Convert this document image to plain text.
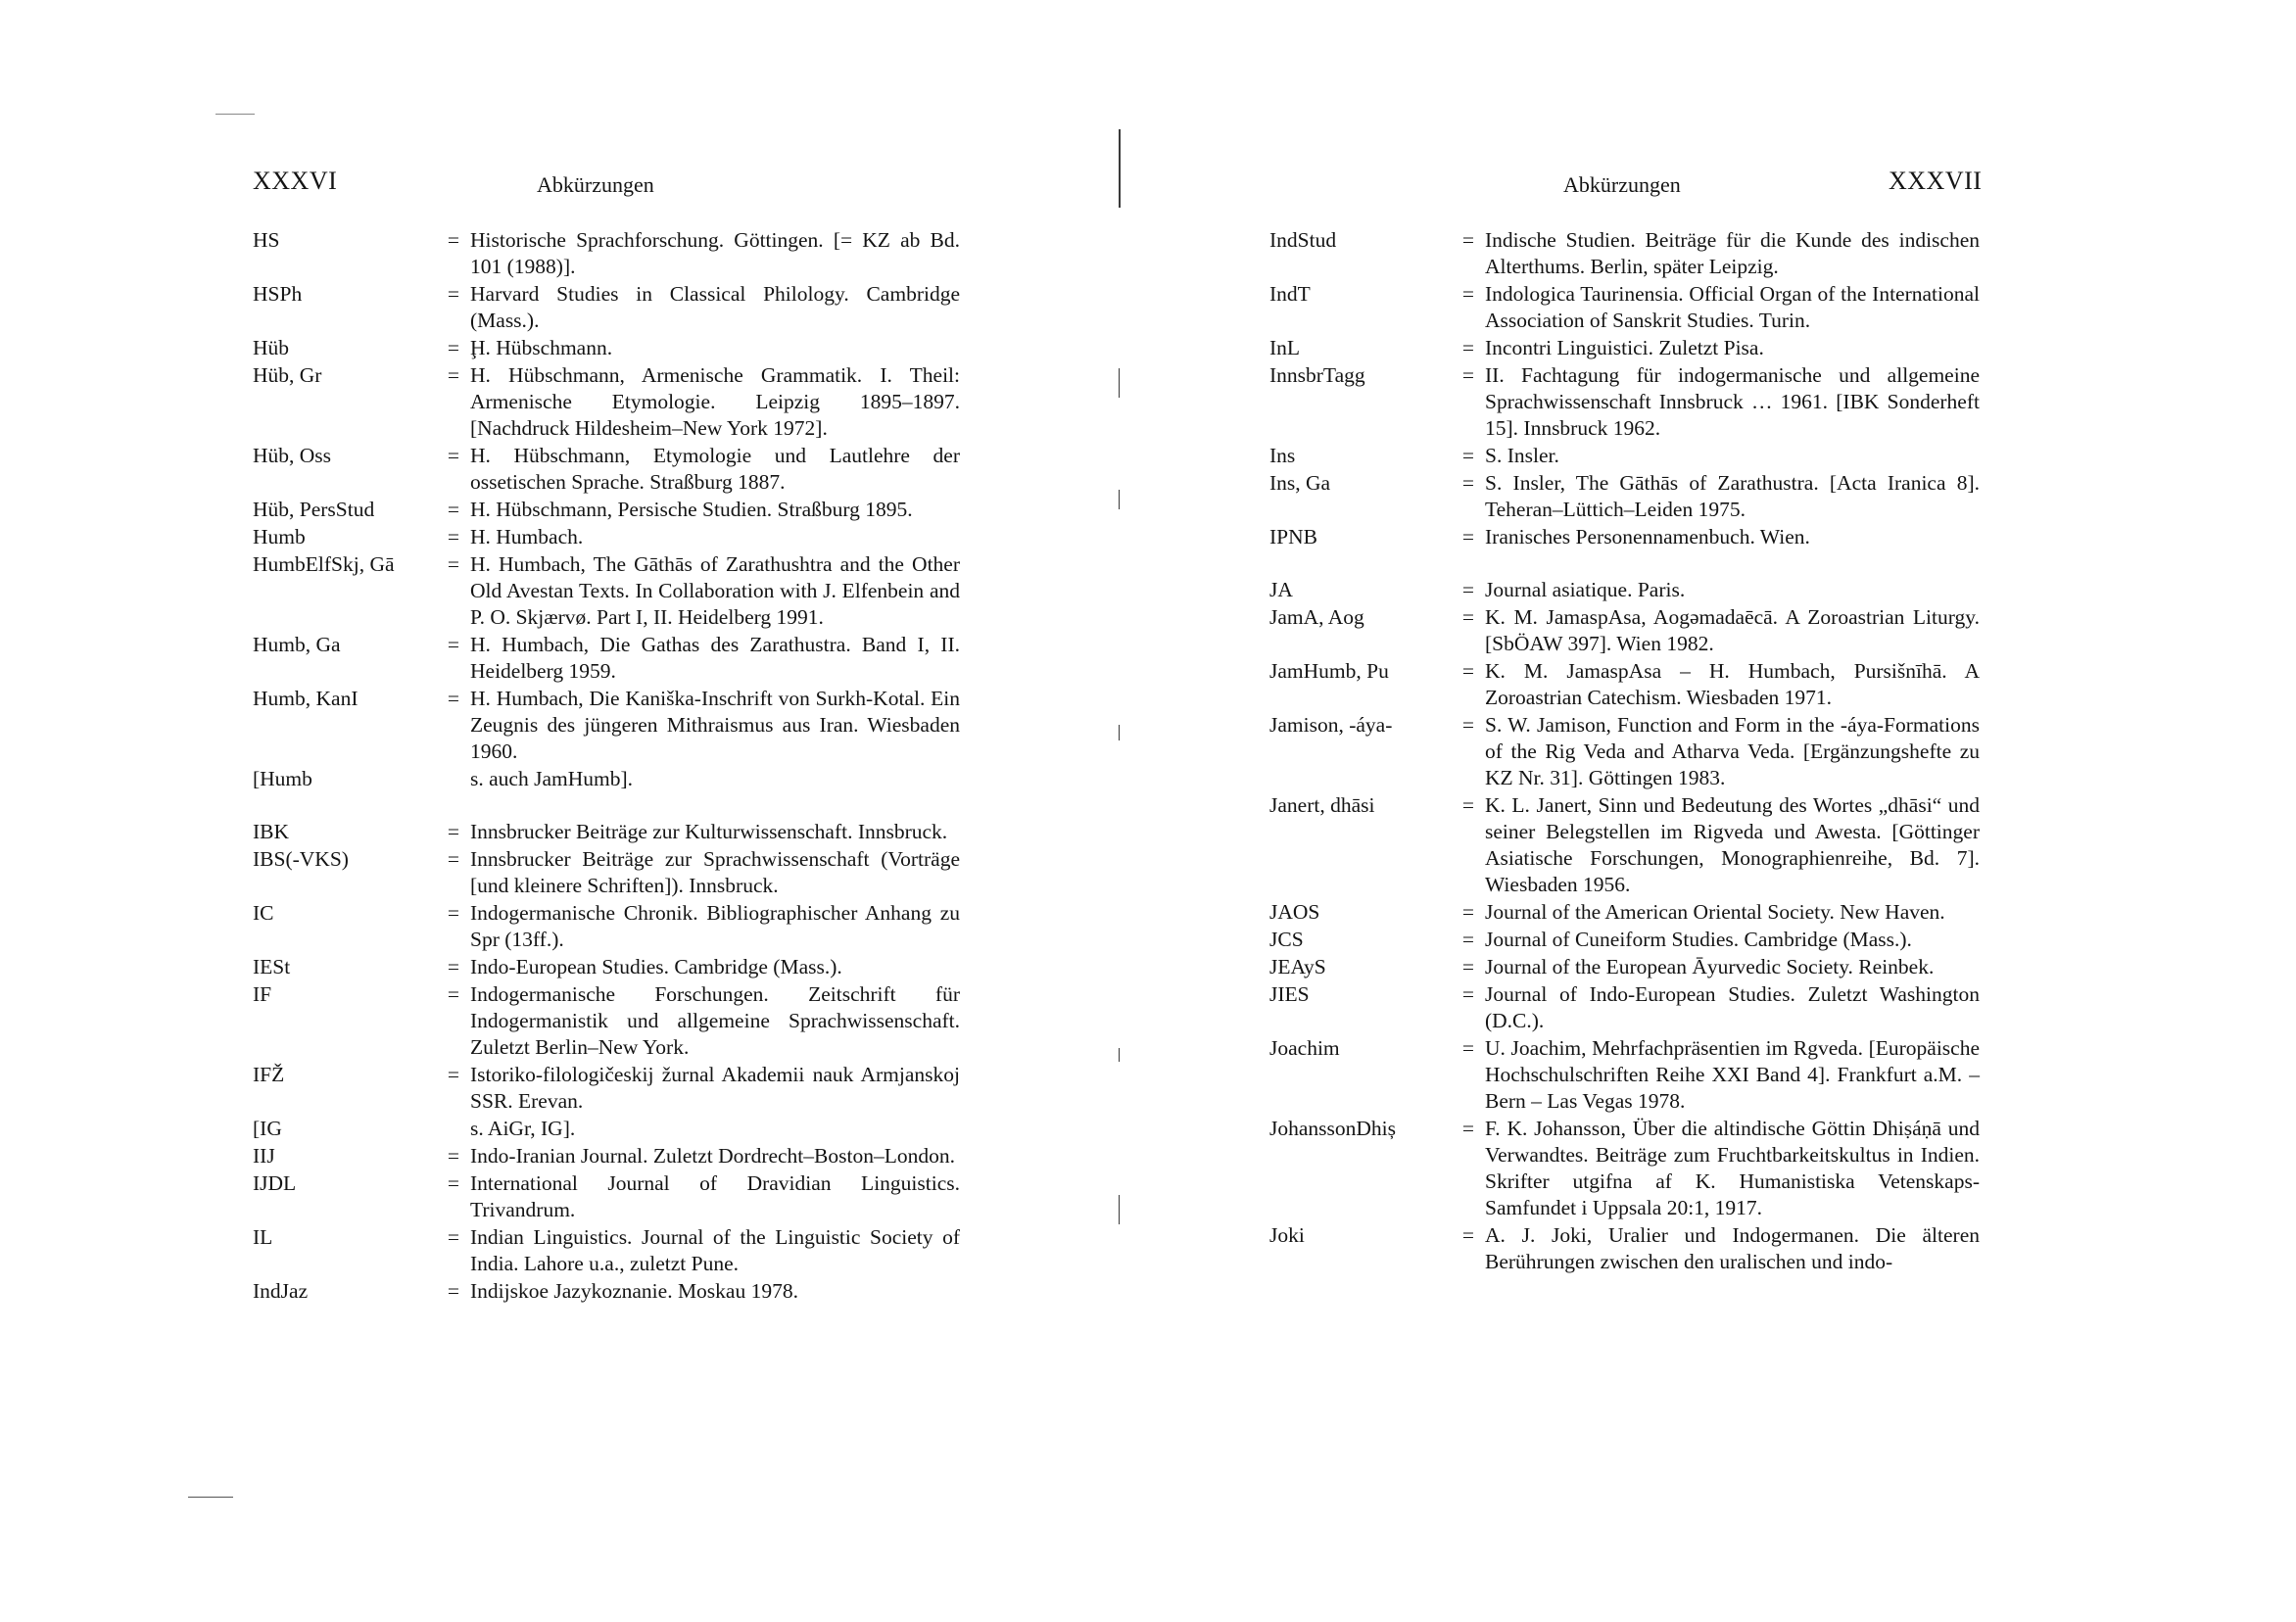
XXXVI	Abkürzungen
HS	= Historische Sprachforschung. Göttingen. [= KZ ab Bd. 101 (1988)].
HSPh	= Harvard Studies in Classical Philology. Cambridge (Mass.).
Hüb	= Ḩ. Hübschmann.
Hüb, Gr	= H. Hübschmann, Armenische Grammatik. I. Theil: Armenische Etymologie. Leipzig 1895–1897. [Nachdruck Hildesheim–New York 1972].
Hüb, Oss	= H. Hübschmann, Etymologie und Lautlehre der ossetischen Sprache. Straßburg 1887.
Hüb, PersStud	= H. Hübschmann, Persische Studien. Straßburg 1895.
Humb	= H. Humbach.
HumbElfSkj, Gā	= H. Humbach, The Gāthās of Zarathushtra and the Other Old Avestan Texts. In Collaboration with J. Elfenbein and P. O. Skjærvø. Part I, II. Heidelberg 1991.
Humb, Ga	= H. Humbach, Die Gathas des Zarathustra. Band I, II. Heidelberg 1959.
Humb, KanI	= H. Humbach, Die Kaniška-Inschrift von Surkh-Kotal. Ein Zeugnis des jüngeren Mithraismus aus Iran. Wiesbaden 1960.
[Humb	s. auch JamHumb].
IBK	= Innsbrucker Beiträge zur Kulturwissenschaft. Innsbruck.
IBS(-VKS)	= Innsbrucker Beiträge zur Sprachwissenschaft (Vorträge [und kleinere Schriften]). Innsbruck.
IC	= Indogermanische Chronik. Bibliographischer Anhang zu Spr (13ff.).
IESt	= Indo-European Studies. Cambridge (Mass.).
IF	= Indogermanische Forschungen. Zeitschrift für Indogermanistik und allgemeine Sprachwissenschaft. Zuletzt Berlin–New York.
IFŽ	= Istoriko-filologičeskij žurnal Akademii nauk Armjanskoj SSR. Erevan.
[IG	s. AiGr, IG].
IIJ	= Indo-Iranian Journal. Zuletzt Dordrecht–Boston–London.
IJDL	= International Journal of Dravidian Linguistics. Trivandrum.
IL	= Indian Linguistics. Journal of the Linguistic Society of India. Lahore u.a., zuletzt Pune.
IndJaz	= Indijskoe Jazykoznanie. Moskau 1978.
Abkürzungen	XXXVII
IndStud	= Indische Studien. Beiträge für die Kunde des indischen Alterthums. Berlin, später Leipzig.
IndT	= Indologica Taurinensia. Official Organ of the International Association of Sanskrit Studies. Turin.
InL	= Incontri Linguistici. Zuletzt Pisa.
InnsbrTagg	= II. Fachtagung für indogermanische und allgemeine Sprachwissenschaft Innsbruck … 1961. [IBK Sonderheft 15]. Innsbruck 1962.
Ins	= S. Insler.
Ins, Ga	= S. Insler, The Gāthās of Zarathustra. [Acta Iranica 8]. Teheran–Lüttich–Leiden 1975.
IPNB	= Iranisches Personennamenbuch. Wien.
JA	= Journal asiatique. Paris.
JamA, Aog	= K. M. JamaspAsa, Aogəmadaēcā. A Zoroastrian Liturgy. [SbÖAW 397]. Wien 1982.
JamHumb, Pu	= K. M. JamaspAsa – H. Humbach, Pursišnīhā. A Zoroastrian Catechism. Wiesbaden 1971.
Jamison, -áya-	= S. W. Jamison, Function and Form in the -áya-Formations of the Rig Veda and Atharva Veda. [Ergänzungshefte zu KZ Nr. 31]. Göttingen 1983.
Janert, dhāsi	= K. L. Janert, Sinn und Bedeutung des Wortes „dhāsi“ und seiner Belegstellen im Rigveda und Awesta. [Göttinger Asiatische Forschungen, Monographienreihe, Bd. 7]. Wiesbaden 1956.
JAOS	= Journal of the American Oriental Society. New Haven.
JCS	= Journal of Cuneiform Studies. Cambridge (Mass.).
JEAyS	= Journal of the European Āyurvedic Society. Reinbek.
JIES	= Journal of Indo-European Studies. Zuletzt Washington (D.C.).
Joachim	= U. Joachim, Mehrfachpräsentien im Rgveda. [Europäische Hochschulschriften Reihe XXI Band 4]. Frankfurt a.M. – Bern – Las Vegas 1978.
JohanssonDhiș	= F. K. Johansson, Über die altindische Göttin Dhiṣáṇā und Verwandtes. Beiträge zum Fruchtbarkeitskultus in Indien. Skrifter utgifna af K. Humanistiska Vetenskaps-Samfundet i Uppsala 20:1, 1917.
Joki	= A. J. Joki, Uralier und Indogermanen. Die älteren Berührungen zwischen den uralischen und indo-
